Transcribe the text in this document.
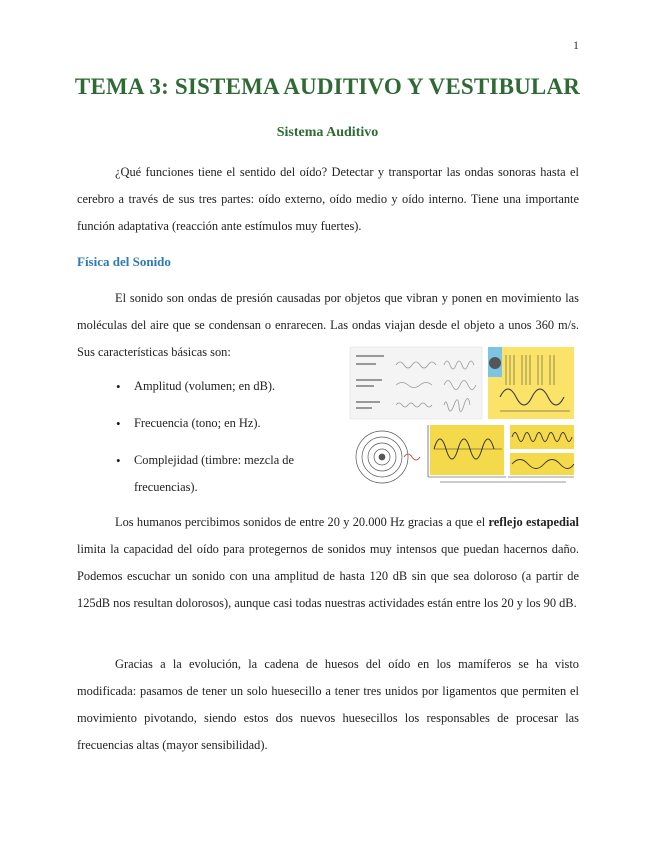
1
TEMA 3: SISTEMA AUDITIVO Y VESTIBULAR
Sistema Auditivo

¿Qué funciones tiene el sentido del oído? Detectar y transportar las ondas sonoras hasta el cerebro a través de sus tres partes: oído externo, oído medio y oído interno. Tiene una importante función adaptativa (reacción ante estímulos muy fuertes).

Física del Sonido

El sonido son ondas de presión causadas por objetos que vibran y ponen en movimiento las moléculas del aire que se condensan o enrarecen. Las ondas viajan desde el objeto a unos 360 m/s. Sus características básicas son:

• Amplitud (volumen; en dB).
• Frecuencia (tono; en Hz).
• Complejidad (timbre: mezcla de frecuencias).

Los humanos percibimos sonidos de entre 20 y 20.000 Hz gracias a que el reflejo estapedial limita la capacidad del oído para protegernos de sonidos muy intensos que puedan hacernos daño. Podemos escuchar un sonido con una amplitud de hasta 120 dB sin que sea doloroso (a partir de 125dB nos resultan dolorosos), aunque casi todas nuestras actividades están entre los 20 y los 90 dB.

Gracias a la evolución, la cadena de huesos del oído en los mamíferos se ha visto modificada: pasamos de tener un solo huesecillo a tener tres unidos por ligamentos que permiten el movimiento pivotando, siendo estos dos nuevos huesecillos los responsables de procesar las frecuencias altas (mayor sensibilidad).
